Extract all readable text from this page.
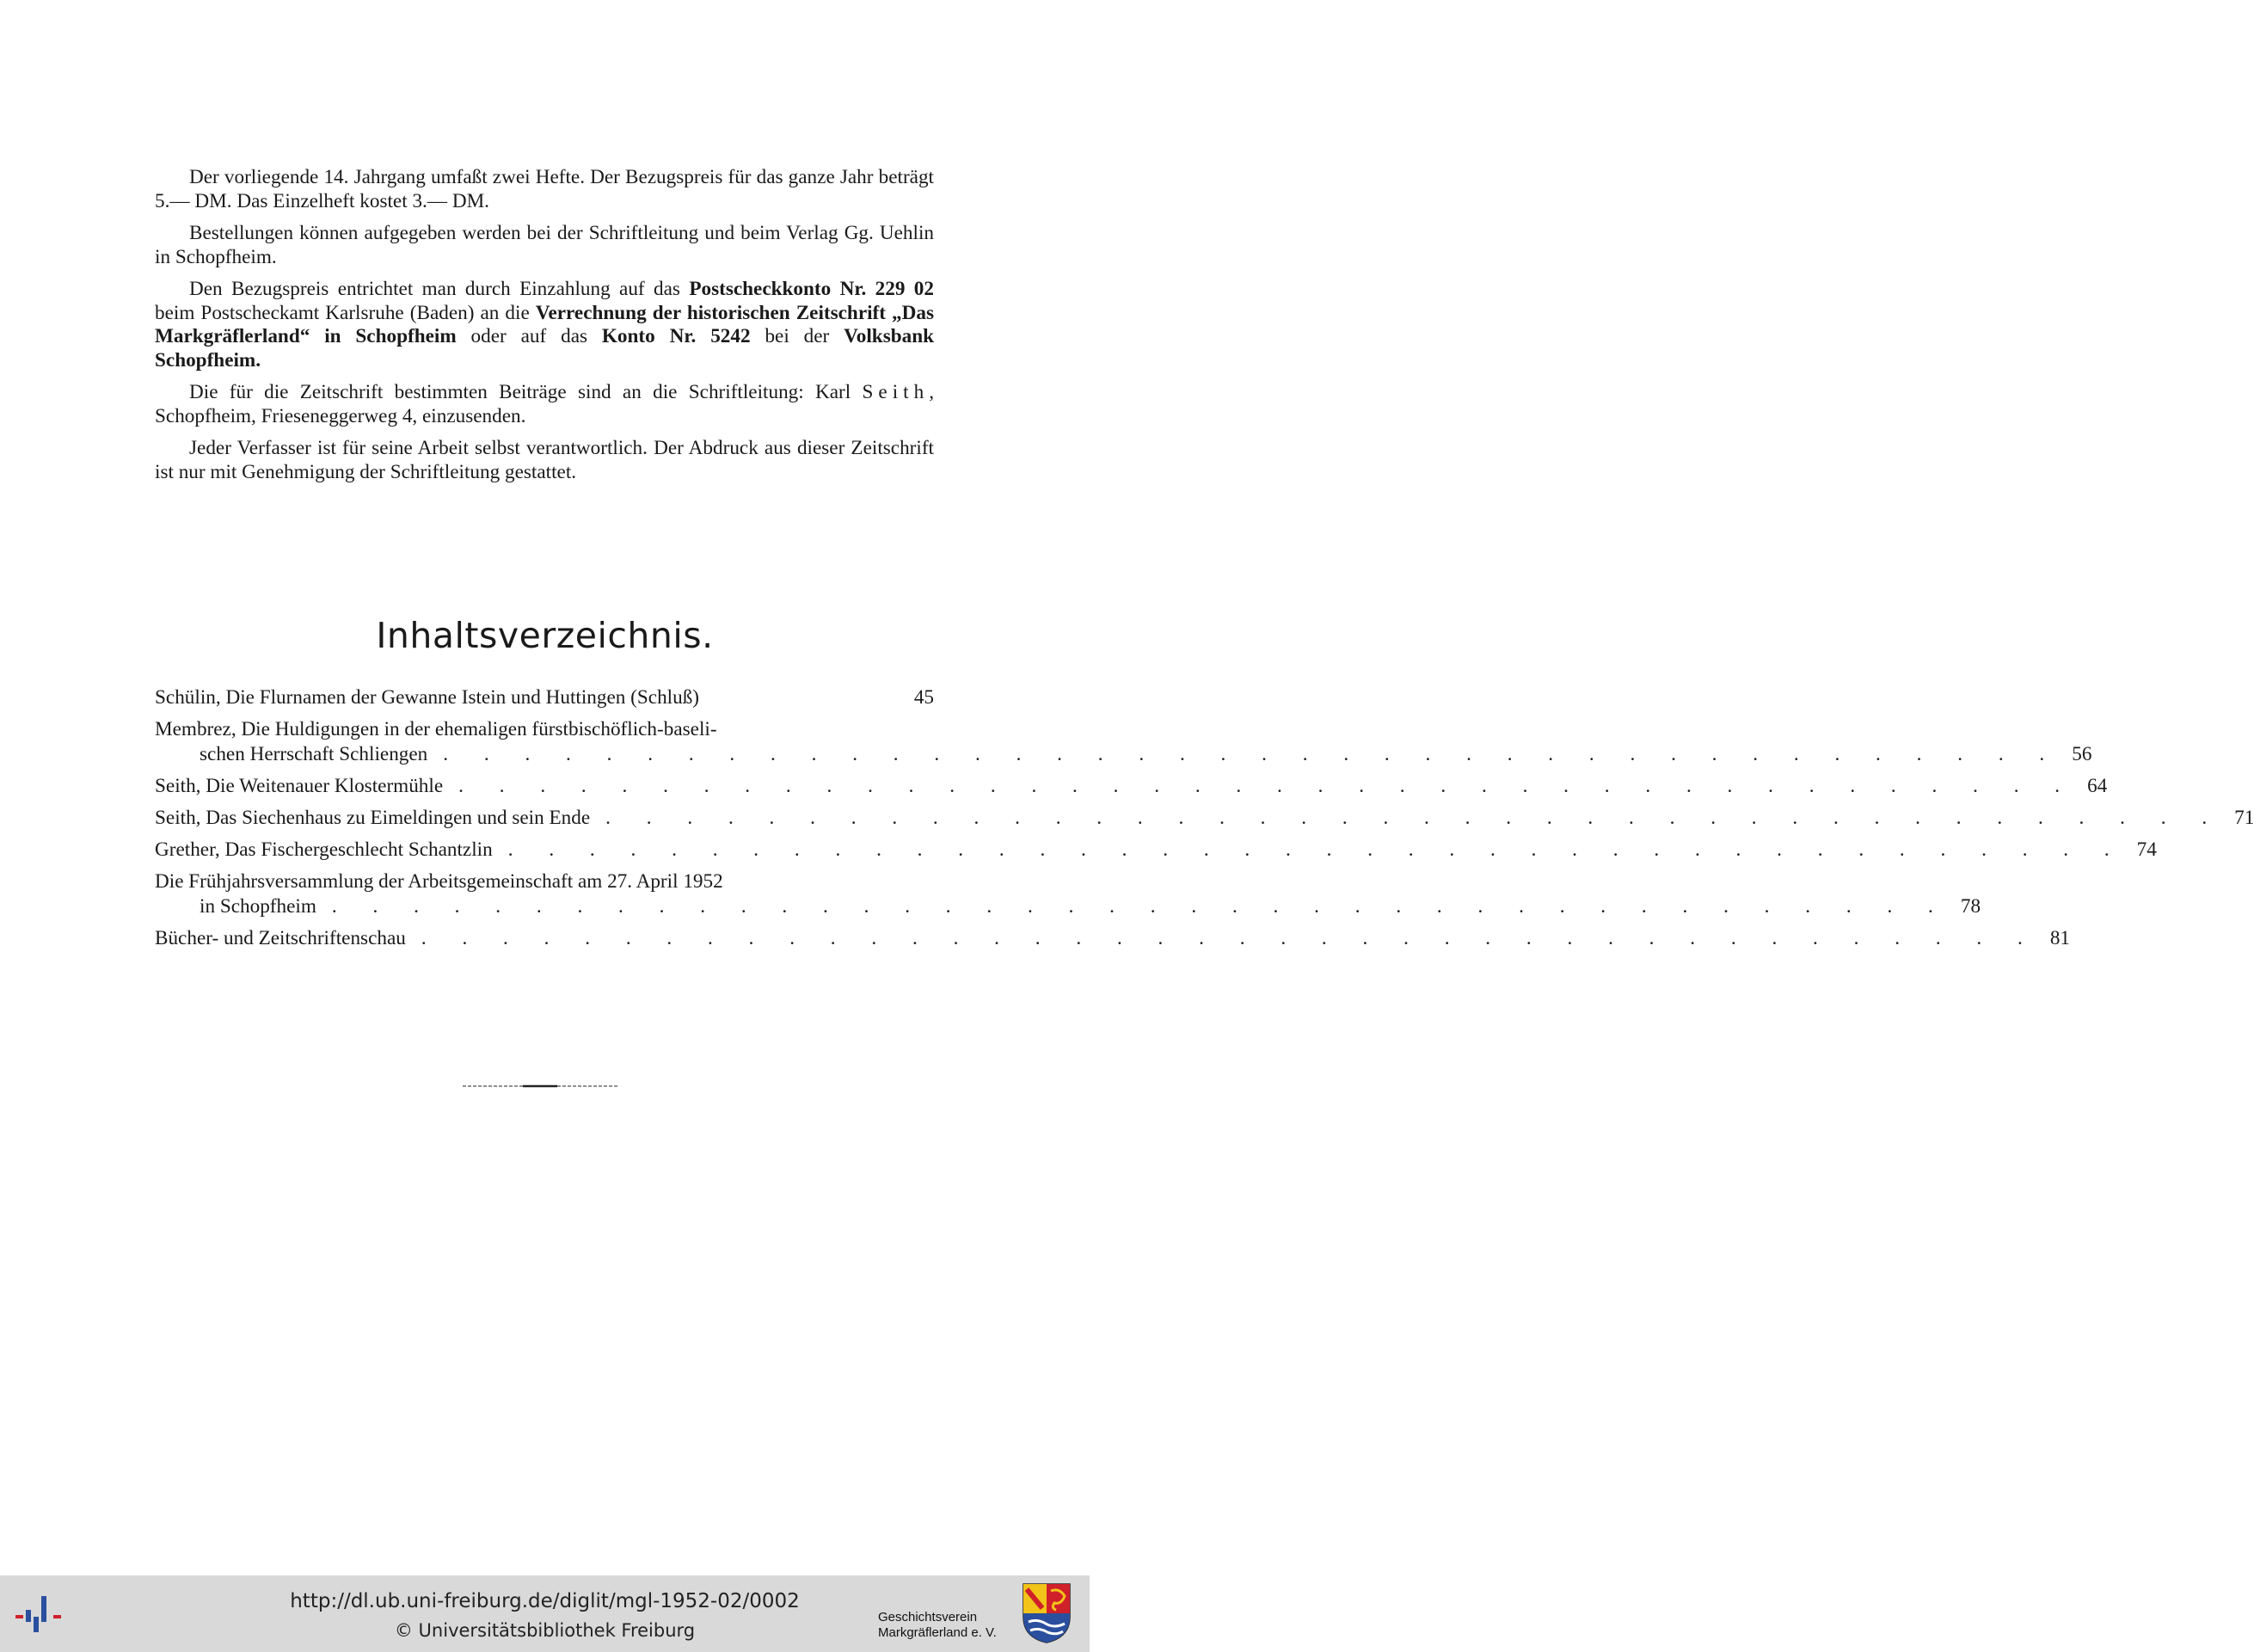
Der vorliegende 14. Jahrgang umfaßt zwei Hefte. Der Bezugspreis für das ganze Jahr beträgt 5.— DM. Das Einzelheft kostet 3.— DM.

Bestellungen können aufgegeben werden bei der Schriftleitung und beim Verlag Gg. Uehlin in Schopfheim.

Den Bezugspreis entrichtet man durch Einzahlung auf das Postscheckkonto Nr. 229 02 beim Postscheckamt Karlsruhe (Baden) an die Verrechnung der historischen Zeitschrift „Das Markgräflerland“ in Schopfheim oder auf das Konto Nr. 5242 bei der Volksbank Schopfheim.

Die für die Zeitschrift bestimmten Beiträge sind an die Schriftleitung: Karl Seith, Schopfheim, Frieseneggerweg 4, einzusenden.

Jeder Verfasser ist für seine Arbeit selbst verantwortlich. Der Abdruck aus dieser Zeitschrift ist nur mit Genehmigung der Schriftleitung gestattet.

Inhaltsverzeichnis.
Schülin, Die Flurnamen der Gewanne Istein und Huttingen (Schluß)	45
Membrez, Die Huldigungen in der ehemaligen fürstbischöflich-baseli-
schen Herrschaft Schliengen . . . . . . . . . . . . . . . . . . . . . . . . . . . . . . . . . . . . . . . . 56
Seith, Die Weitenauer Klostermühle . . . . . . . . . . . . . . . . . . . . . . . . . . . . . . . . . . . . . . . . 64
Seith, Das Siechenhaus zu Eimeldingen und sein Ende . . . . . . . . . . . . . . . . . . . . . . . . . . . . . . . . . . . . . . . . 71
Grether, Das Fischergeschlecht Schantzlin . . . . . . . . . . . . . . . . . . . . . . . . . . . . . . . . . . . . . . . . 74
Die Frühjahrsversammlung der Arbeitsgemeinschaft am 27. April 1952
in Schopfheim . . . . . . . . . . . . . . . . . . . . . . . . . . . . . . . . . . . . . . . . 78
Bücher- und Zeitschriftenschau . . . . . . . . . . . . . . . . . . . . . . . . . . . . . . . . . . . . . . . . 81
http://dl.ub.uni-freiburg.de/diglit/mgl-1952-02/0002
© Universitätsbibliothek Freiburg
Geschichtsverein
Markgräflerland e. V.
